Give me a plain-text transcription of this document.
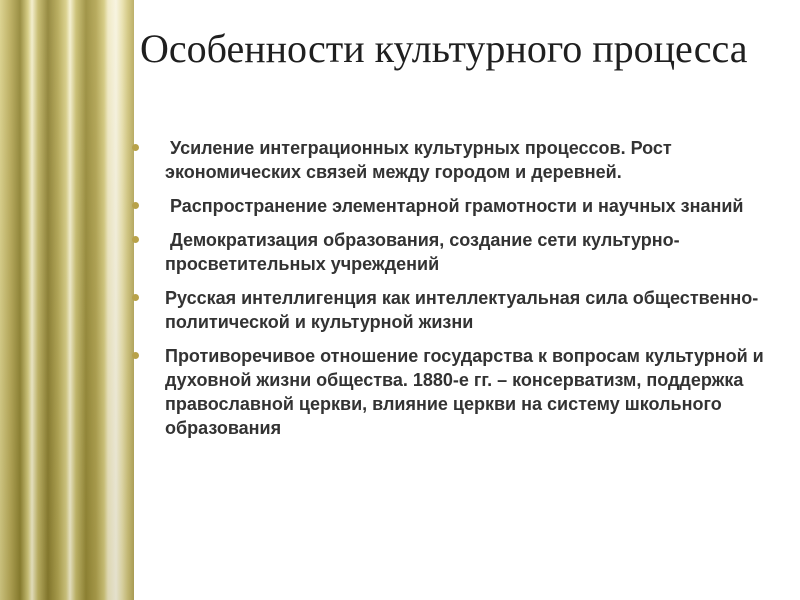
Особенности культурного процесса
Усиление интеграционных культурных процессов. Рост экономических связей между городом и деревней.
Распространение элементарной грамотности и научных знаний
Демократизация образования, создание сети культурно-просветительных учреждений
Русская интеллигенция как интеллектуальная сила общественно-политической и культурной жизни
Противоречивое отношение государства к вопросам культурной и духовной жизни общества. 1880-е гг. – консерватизм, поддержка православной церкви, влияние церкви на систему школьного образования
